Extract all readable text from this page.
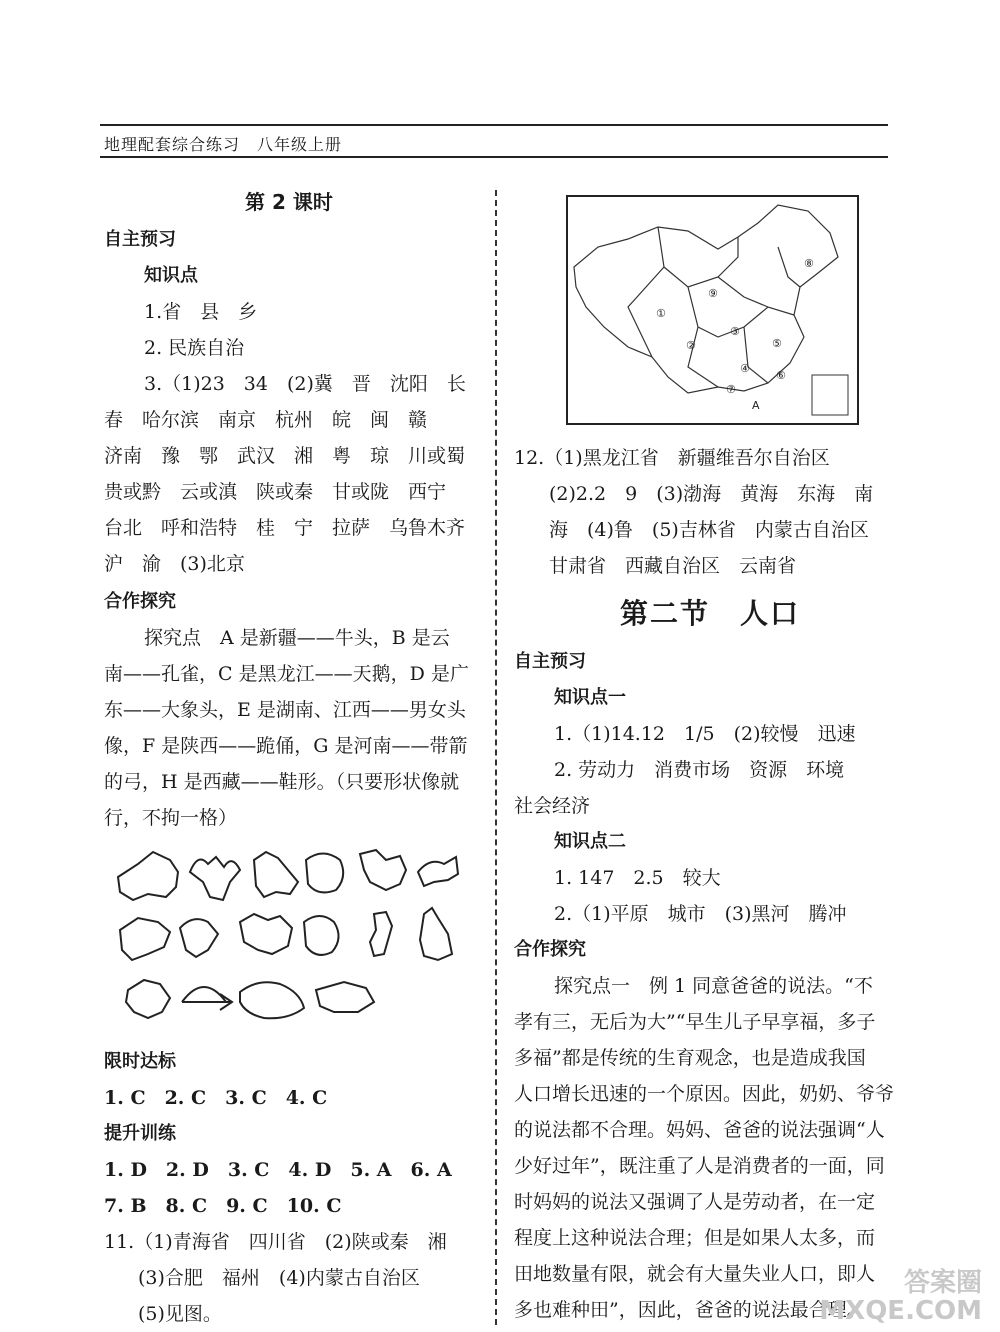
地理配套综合练习　八年级上册
第 2 课时
自主预习
知识点
1.省　县　乡
2. 民族自治
3.（1)23　34　(2)冀　晋　沈阳　长
春　哈尔滨　南京　杭州　皖　闽　赣
济南　豫　鄂　武汉　湘　粤　琼　川或蜀
贵或黔　云或滇　陕或秦　甘或陇　西宁
台北　呼和浩特　桂　宁　拉萨　乌鲁木齐
沪　渝　(3)北京
合作探究
探究点　A 是新疆——牛头，B 是云
南——孔雀，C 是黑龙江——天鹅，D 是广
东——大象头，E 是湖南、江西——男女头
像，F 是陕西——跪俑，G 是河南——带箭
的弓，H 是西藏——鞋形。（只要形状像就
行，不拘一格）
限时达标
1. C　2. C　3. C　4. C
提升训练
1. D　2. D　3. C　4. D　5. A　6. A
7. B　8. C　9. C　10. C
11.（1)青海省　四川省　(2)陕或秦　湘
(3)合肥　福州　(4)内蒙古自治区
(5)见图。
①
②
③
④
⑤
⑥
⑦
⑧
⑨
A
12.（1)黑龙江省　新疆维吾尔自治区
(2)2.2　9　(3)渤海　黄海　东海　南
海　(4)鲁　(5)吉林省　内蒙古自治区
甘肃省　西藏自治区　云南省
第二节　人口
自主预习
知识点一
1.（1)14.12　1/5　(2)较慢　迅速
2. 劳动力　消费市场　资源　环境
社会经济
知识点二
1. 147　2.5　较大
2.（1)平原　城市　(3)黑河　腾冲
合作探究
探究点一　例 1 同意爸爸的说法。“不
孝有三，无后为大”“早生儿子早享福，多子
多福”都是传统的生育观念，也是造成我国
人口增长迅速的一个原因。因此，奶奶、爷爷
的说法都不合理。妈妈、爸爸的说法强调“人
少好过年”，既注重了人是消费者的一面，同
时妈妈的说法又强调了人是劳动者，在一定
程度上这种说法合理；但是如果人太多，而
田地数量有限，就会有大量失业人口，即人
多也难种田”，因此，爸爸的说法最合理。
答案圈
MXQE.COM
